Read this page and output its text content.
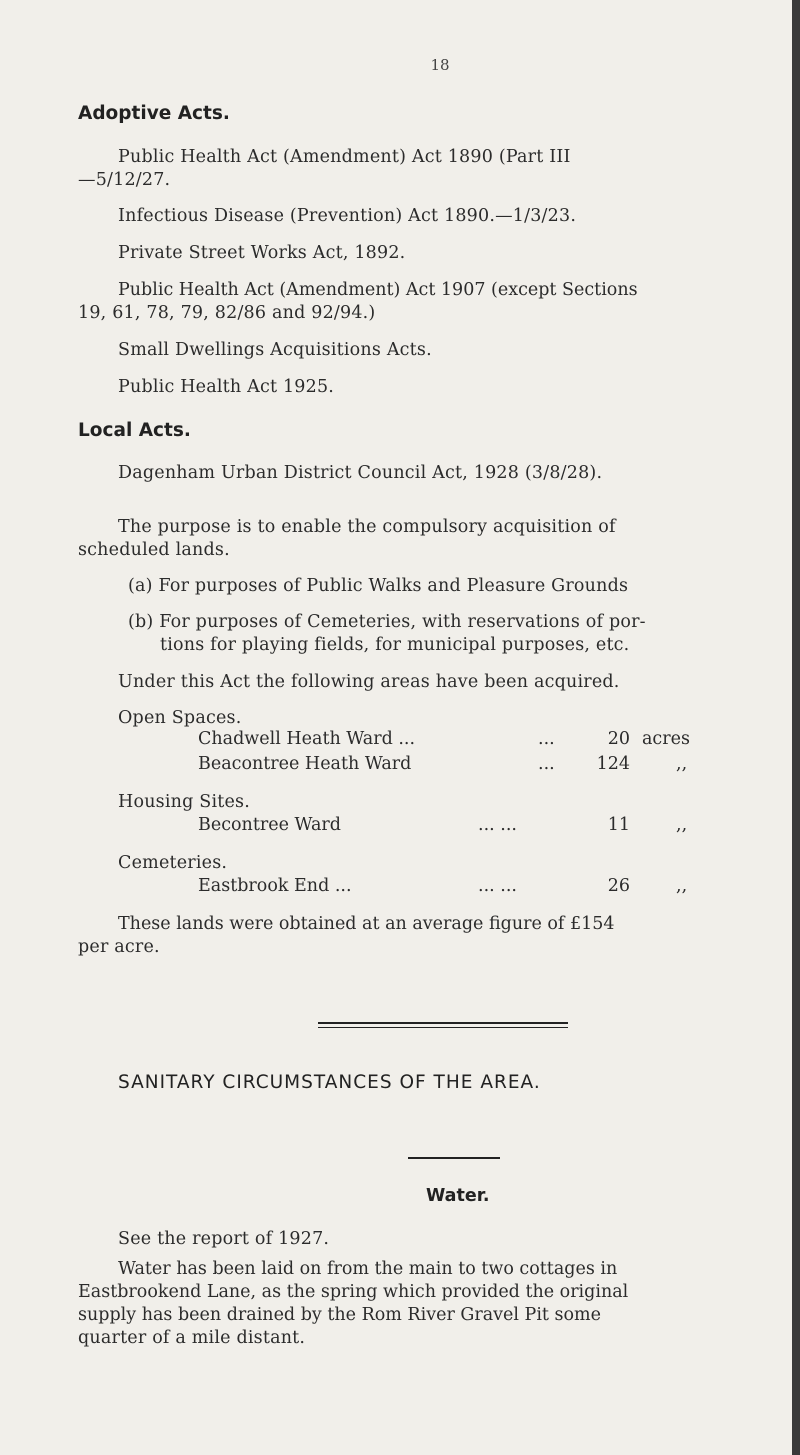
18
Adoptive Acts.
Public Health Act (Amendment) Act 1890 (Part III
—5/12/27.
Infectious Disease (Prevention) Act 1890.—1/3/23.
Private Street Works Act, 1892.
Public Health Act (Amendment) Act 1907 (except Sections
19, 61, 78, 79, 82/86 and 92/94.)
Small Dwellings Acquisitions Acts.
Public Health Act 1925.
Local Acts.
Dagenham Urban District Council Act, 1928 (3/8/28).
The purpose is to enable the compulsory acquisition of
scheduled lands.
(a) For purposes of Public Walks and Pleasure Grounds
(b) For purposes of Cemeteries, with reservations of por-
tions for playing fields, for municipal purposes, etc.
Under this Act the following areas have been acquired.
Open Spaces.
Chadwell Heath Ward ...	...	20 acres
Beacontree Heath Ward	...	124	,,
Housing Sites.
Becontree Ward	... ...	11	,,
Cemeteries.
Eastbrook End ...	... ...	26	,,
These lands were obtained at an average figure of £154
per acre.
SANITARY CIRCUMSTANCES OF THE AREA.
Water.
See the report of 1927.
Water has been laid on from the main to two cottages in
Eastbrookend Lane, as the spring which provided the original
supply has been drained by the Rom River Gravel Pit some
quarter of a mile distant.
